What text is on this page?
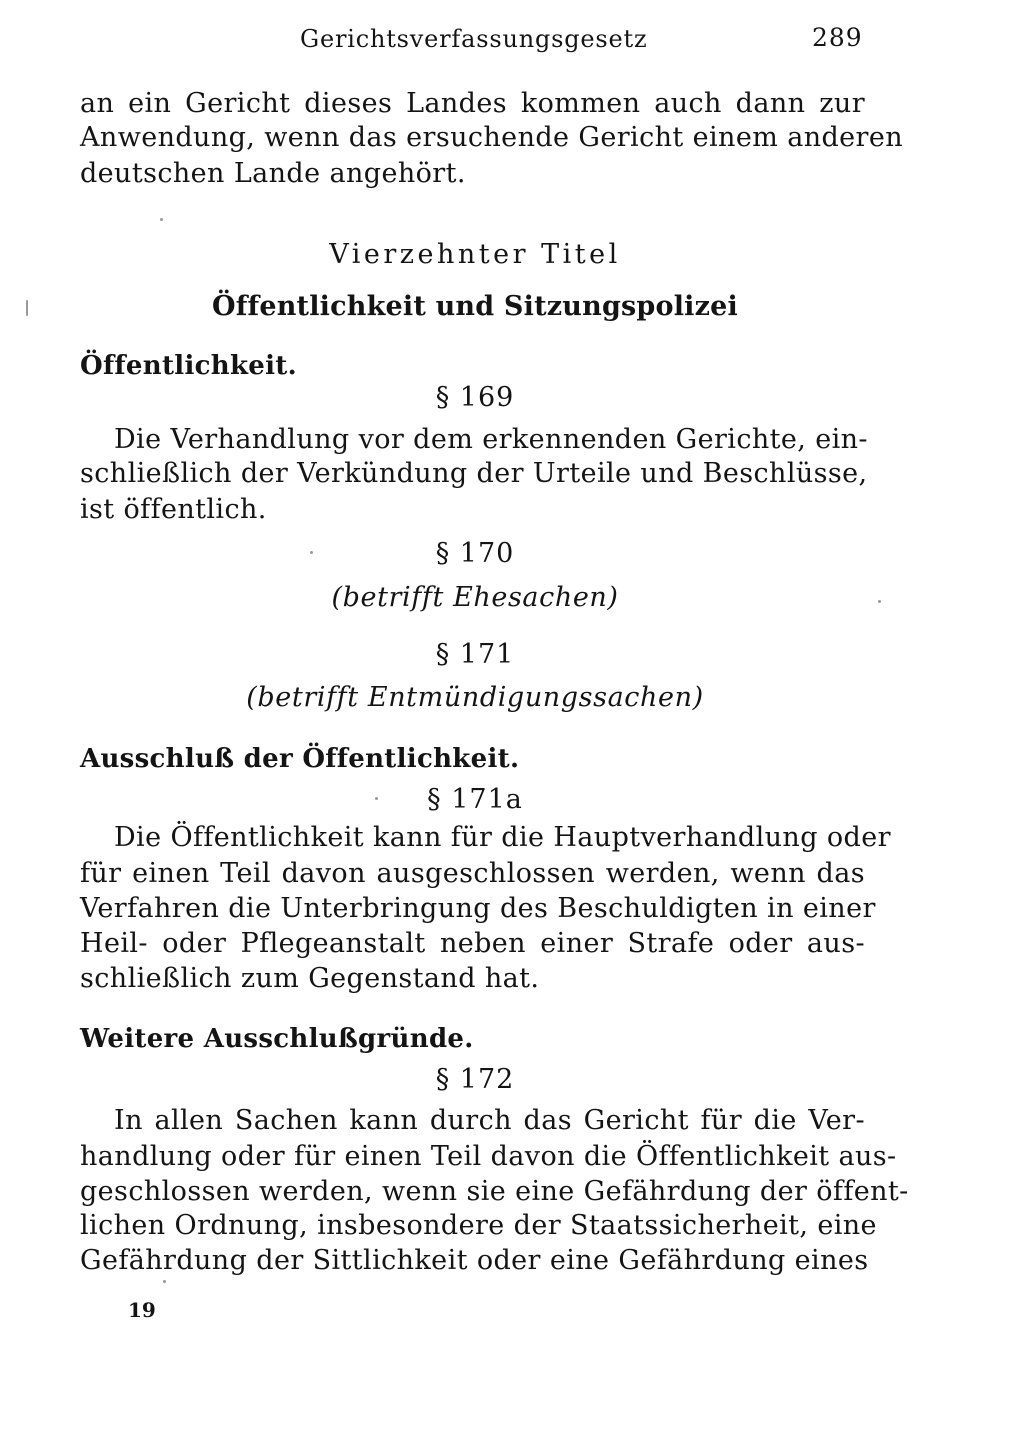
Gerichtsverfassungsgesetz	289
an ein Gericht dieses Landes kommen auch dann zur
Anwendung, wenn das ersuchende Gericht einem anderen
deutschen Lande angehört.
Vierzehnter Titel
Öffentlichkeit und Sitzungspolizei
Öffentlichkeit.
§ 169
Die Verhandlung vor dem erkennenden Gerichte, ein-
schließlich der Verkündung der Urteile und Beschlüsse,
ist öffentlich.
§ 170
(betrifft Ehesachen)
§ 171
(betrifft Entmündigungssachen)
Ausschluß der Öffentlichkeit.
§ 171a
Die Öffentlichkeit kann für die Hauptverhandlung oder
für einen Teil davon ausgeschlossen werden, wenn das
Verfahren die Unterbringung des Beschuldigten in einer
Heil- oder Pflegeanstalt neben einer Strafe oder aus-
schließlich zum Gegenstand hat.
Weitere Ausschlußgründe.
§ 172
In allen Sachen kann durch das Gericht für die Ver-
handlung oder für einen Teil davon die Öffentlichkeit aus-
geschlossen werden, wenn sie eine Gefährdung der öffent-
lichen Ordnung, insbesondere der Staatssicherheit, eine
Gefährdung der Sittlichkeit oder eine Gefährdung eines
19
